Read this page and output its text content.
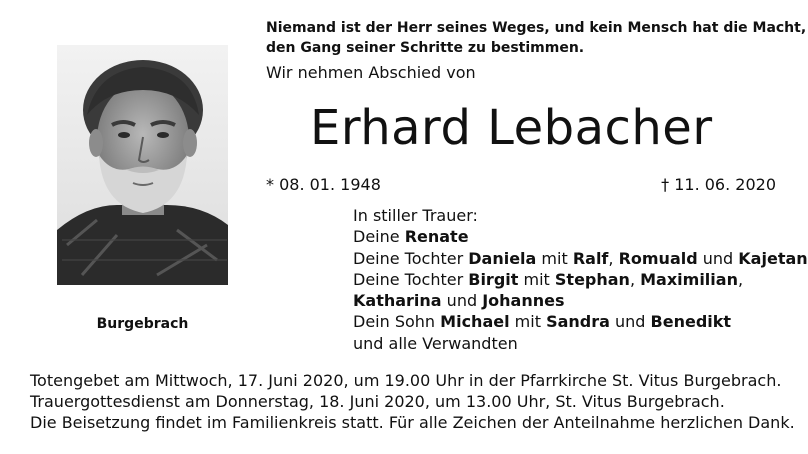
Niemand ist der Herr seines Weges, und kein Mensch hat die Macht,
den Gang seiner Schritte zu bestimmen.
Burgebrach
Wir nehmen Abschied von
Erhard Lebacher
* 08. 01. 1948	† 11. 06. 2020
In stiller Trauer:
Deine Renate
Deine Tochter Daniela mit Ralf, Romuald und Kajetan
Deine Tochter Birgit mit Stephan, Maximilian,
Katharina und Johannes
Dein Sohn Michael mit Sandra und Benedikt
und alle Verwandten
Totengebet am Mittwoch, 17. Juni 2020, um 19.00 Uhr in der Pfarrkirche St. Vitus Burgebrach.
Trauergottesdienst am Donnerstag, 18. Juni 2020, um 13.00 Uhr, St. Vitus Burgebrach.
Die Beisetzung findet im Familienkreis statt. Für alle Zeichen der Anteilnahme herzlichen Dank.
